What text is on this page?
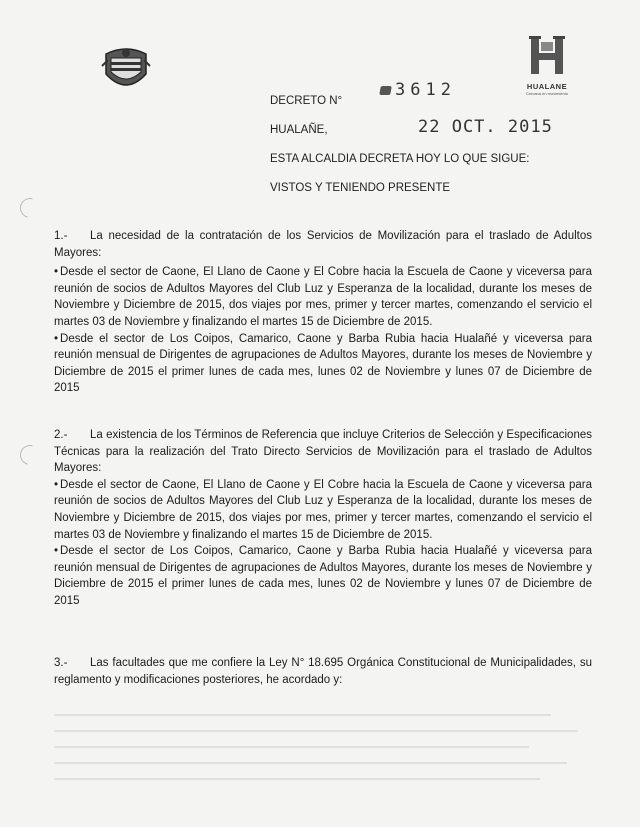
HUALANE
Cercana en movimiento
DECRETO N°
3612
HUALAÑE,	22 OCT. 2015
ESTA ALCALDIA DECRETA HOY LO QUE SIGUE:
VISTOS Y TENIENDO PRESENTE

1.- La necesidad de la contratación de los Servicios de Movilización para el traslado de Adultos Mayores:

• Desde el sector de Caone, El Llano de Caone y El Cobre hacia la Escuela de Caone y viceversa para reunión de socios de Adultos Mayores del Club Luz y Esperanza de la localidad, durante los meses de Noviembre y Diciembre de 2015, dos viajes por mes, primer y tercer martes, comenzando el servicio el martes 03 de Noviembre y finalizando el martes 15 de Diciembre de 2015.

• Desde el sector de Los Coipos, Camarico, Caone y Barba Rubia hacia Hualañé y viceversa para reunión mensual de Dirigentes de agrupaciones de Adultos Mayores, durante los meses de Noviembre y Diciembre de 2015 el primer lunes de cada mes, lunes 02 de Noviembre y lunes 07 de Diciembre de 2015

2.- La existencia de los Términos de Referencia que incluye Criterios de Selección y Especificaciones Técnicas para la realización del Trato Directo Servicios de Movilización para el traslado de Adultos Mayores:

• Desde el sector de Caone, El Llano de Caone y El Cobre hacia la Escuela de Caone y viceversa para reunión de socios de Adultos Mayores del Club Luz y Esperanza de la localidad, durante los meses de Noviembre y Diciembre de 2015, dos viajes por mes, primer y tercer martes, comenzando el servicio el martes 03 de Noviembre y finalizando el martes 15 de Diciembre de 2015.

• Desde el sector de Los Coipos, Camarico, Caone y Barba Rubia hacia Hualañé y viceversa para reunión mensual de Dirigentes de agrupaciones de Adultos Mayores, durante los meses de Noviembre y Diciembre de 2015 el primer lunes de cada mes, lunes 02 de Noviembre y lunes 07 de Diciembre de 2015

3.- Las facultades que me confiere la Ley N° 18.695 Orgánica Constitucional de Municipalidades, su reglamento y modificaciones posteriores, he acordado y:
